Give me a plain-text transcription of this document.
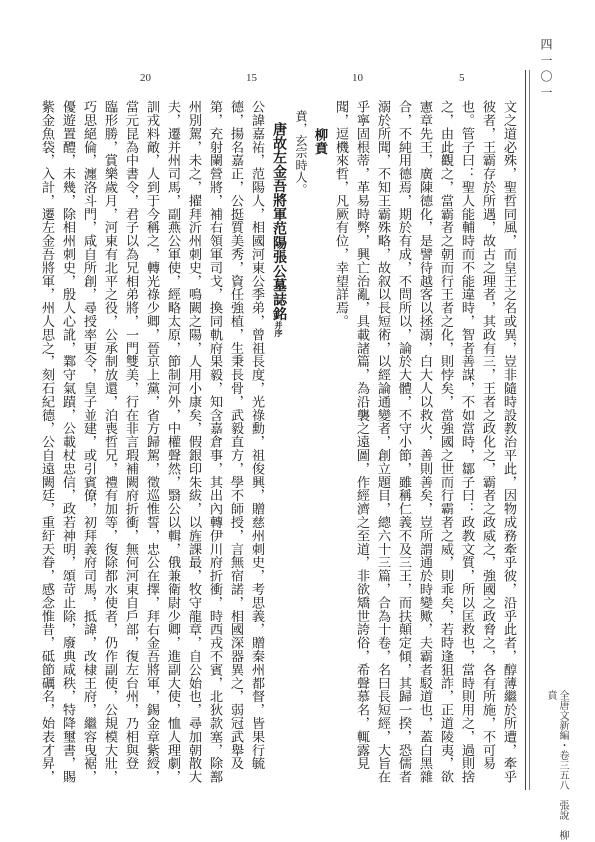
四一〇一
全唐文新編・卷三五八　張說　柳賁
20	15	10	5
文之道必殊，聖哲同風，而皇王之名或異，豈非隨時設教治平此，因物成務牽乎彼，沿乎此者，醇薄繼於所遭，牽乎
彼者，王霸存於所遇，故古之理者，其政有三，王者之政化之，霸者之政威之，強國之政脅之，各有所施，不可易
也。管子曰：聖人能輔時而不能違時，智者善謀，不如當時，鄒子曰：政教文質，所以匡救也，當時則用之，過則捨
之，由此觀之，當霸者之朝而行王者之化，則悖矣，當強國之世而行霸者之威，則乖矣，若時逢狙詐，正道陵夷，欲
憲章先王，廣陳德化，是譬待越客以拯溺，白大人以救火，善則善矣，豈所謂通於時變歟，夫霸者駁道也，蓋白黑雜
合，不純用德焉，期於有成，不問所以，論於大體，不守小節，雖稱仁義不及三王，而扶顛定傾，其歸一揆，恐儒者
溺於所聞，不知王霸殊略，故叙以長短術，以經論通變者，創立題目，總六十三篇，合為十卷，名曰長短經，大旨在
乎寧固根蒂，革易時弊，興亡治亂，具載諸篇，為沿襲之遠圖，作經濟之至道，非欲矯世誇俗，希聲慕名，輒露見
聞，逗機來哲，凡厥有位，幸望詳焉。
柳賁
賁，玄宗時人。
唐故左金吾將軍范陽張公墓誌銘并序
公諱嘉祐，范陽人，相國河東公季弟，曾祖長度，光祿勳，祖俊興，贈慈州刺史，考思義，贈秦州都督，皆果行毓
德，揚名嘉正，公挺質美秀，資任強植，生秉長骨，武毅直方，學不師授，言無宿諾，相國深器異之，弱冠武舉及
第，充射闌營將，補右領軍司戈，換同軌府果毅，知含嘉倉事，其出內轉伊川府折衝，時西戎不賓，北狄款塞，除鄯
州別駕，未之，擢拜沂州刺史，鳴闕之陽，人用小康矣，假銀印朱紱，以旌課最，牧守龍章，自公始也，尋加朝散大
夫，遷并州司馬，副燕公軍使，經略太原，節制河外，中權聲然，翳公以輯，俄兼衛尉少卿，進副大使，恤人理劇，
訓戎料敵，人到于今稱之，轉光祿少卿，晉京上黨，省方歸駕，徵巡惟誓，忠公在擇，拜右金吾將軍，錫金章紫綬，
當元昆為中書令，君子以為兄相弟將，一門雙美，行在非言瑕補闕府折衝，無何河東自戶部，復左台州，乃相與登
臨形勝，賞樂歲月，河東有北平之役，公承制放還，泊喪哲兄，禮有加等，復除都水使者，仍作副使，公規模大壯，
巧思絕倫，瀍洛斗門，咸自所創，尋授率更令，皇子並建，或引賓僚，初拜義府司馬，抵諱，改棣王府，繼容曳裾，
優遊置醴，未幾，除相州刺史，殷人心訛，鄴守氣蹟，公載杖忠信，政若神明，頌苛止除，廢典咸秩，特降璽書，賜
紫金魚袋，入計，遷左金吾將軍，州人思之，刻石紀德，公自遠闕廷，重紆天眷，感念惟昔，砥節礪名，始表才昇，
